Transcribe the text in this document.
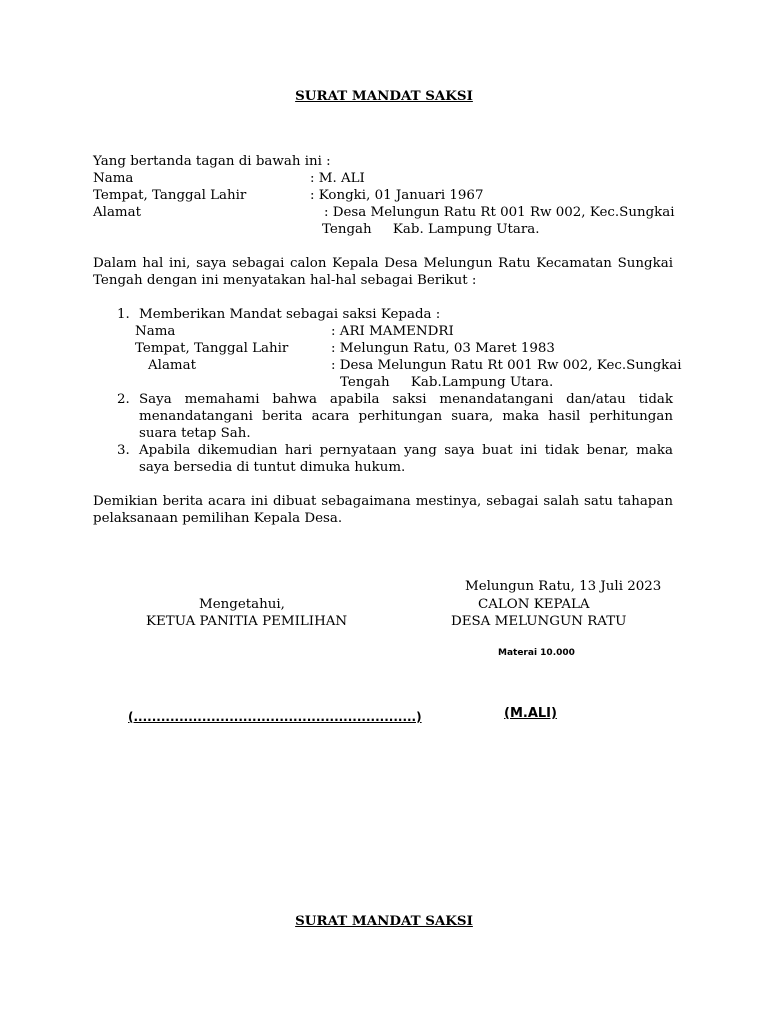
SURAT MANDAT SAKSI
Yang bertanda tagan di bawah ini :
Nama	: M. ALI
Tempat, Tanggal Lahir	: Kongki, 01 Januari 1967
Alamat	: Desa Melungun Ratu Rt 001 Rw 002, Kec.Sungkai
Tengah     Kab. Lampung Utara.
Dalam hal ini, saya sebagai calon Kepala Desa Melungun Ratu Kecamatan Sungkai Tengah dengan ini menyatakan hal-hal sebagai Berikut :
1. Memberikan Mandat sebagai saksi Kepada :
Nama	: ARI MAMENDRI
Tempat, Tanggal Lahir	: Melungun Ratu, 03 Maret 1983
Alamat	: Desa Melungun Ratu Rt 001 Rw 002, Kec.Sungkai
Tengah     Kab.Lampung Utara.
2. Saya memahami bahwa apabila saksi menandatangani dan/atau tidak menandatangani berita acara perhitungan suara, maka hasil perhitungan suara tetap Sah.
3. Apabila dikemudian hari pernyataan yang saya buat ini tidak benar, maka saya bersedia di tuntut dimuka hukum.
Demikian berita acara ini dibuat sebagaimana mestinya, sebagai salah satu tahapan pelaksanaan pemilihan Kepala Desa.
Melungun Ratu, 13 Juli 2023
Mengetahui,
KETUA PANITIA PEMILIHAN
CALON KEPALA
DESA MELUNGUN RATU
Materai 10.000
(..............................................................)	(M.ALI)
SURAT MANDAT SAKSI
